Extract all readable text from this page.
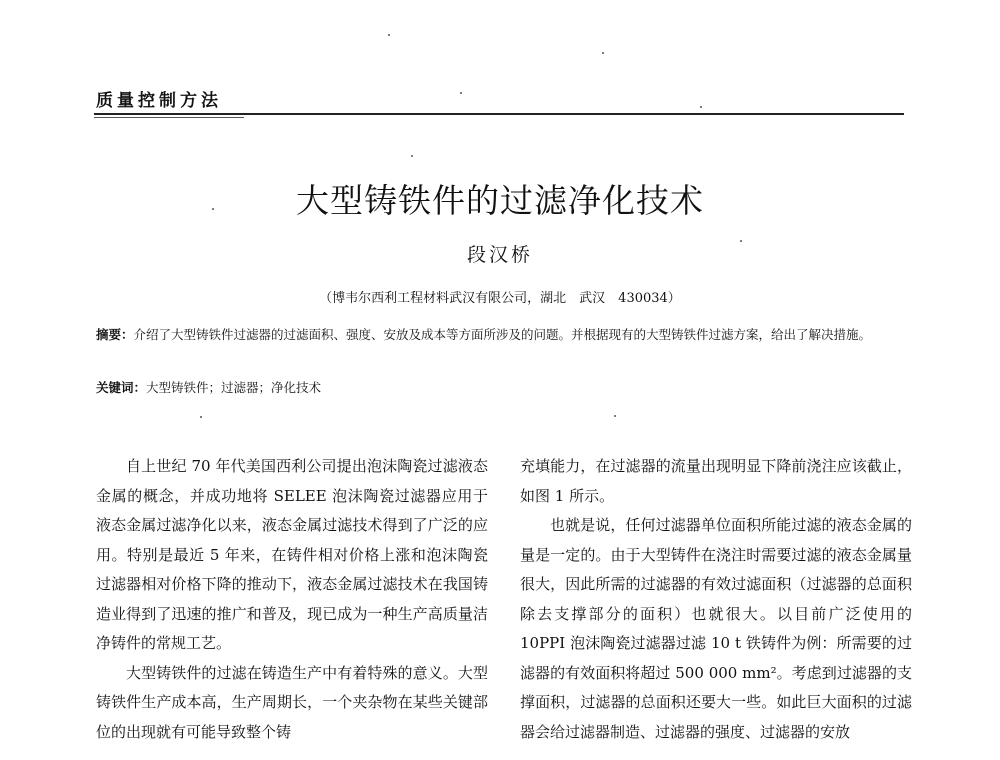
质量控制方法
大型铸铁件的过滤净化技术
段汉桥
（博韦尔西利工程材料武汉有限公司，湖北　武汉　430034）
摘要：介绍了大型铸铁件过滤器的过滤面积、强度、安放及成本等方面所涉及的问题。并根据现有的大型铸铁件过滤方案，给出了解决措施。
关键词：大型铸铁件；过滤器；净化技术

自上世纪 70 年代美国西利公司提出泡沫陶瓷过滤液态金属的概念，并成功地将 SELEE 泡沫陶瓷过滤器应用于液态金属过滤净化以来，液态金属过滤技术得到了广泛的应用。特别是最近 5 年来，在铸件相对价格上涨和泡沫陶瓷过滤器相对价格下降的推动下，液态金属过滤技术在我国铸造业得到了迅速的推广和普及，现已成为一种生产高质量洁净铸件的常规工艺。

大型铸铁件的过滤在铸造生产中有着特殊的意义。大型铸铁件生产成本高，生产周期长，一个夹杂物在某些关键部位的出现就有可能导致整个铸

充填能力，在过滤器的流量出现明显下降前浇注应该截止，如图 1 所示。

也就是说，任何过滤器单位面积所能过滤的液态金属的量是一定的。由于大型铸件在浇注时需要过滤的液态金属量很大，因此所需的过滤器的有效过滤面积（过滤器的总面积除去支撑部分的面积）也就很大。以目前广泛使用的 10PPI 泡沫陶瓷过滤器过滤 10 t 铁铸件为例：所需要的过滤器的有效面积将超过 500 000 mm²。考虑到过滤器的支撑面积，过滤器的总面积还要大一些。如此巨大面积的过滤器会给过滤器制造、过滤器的强度、过滤器的安放
